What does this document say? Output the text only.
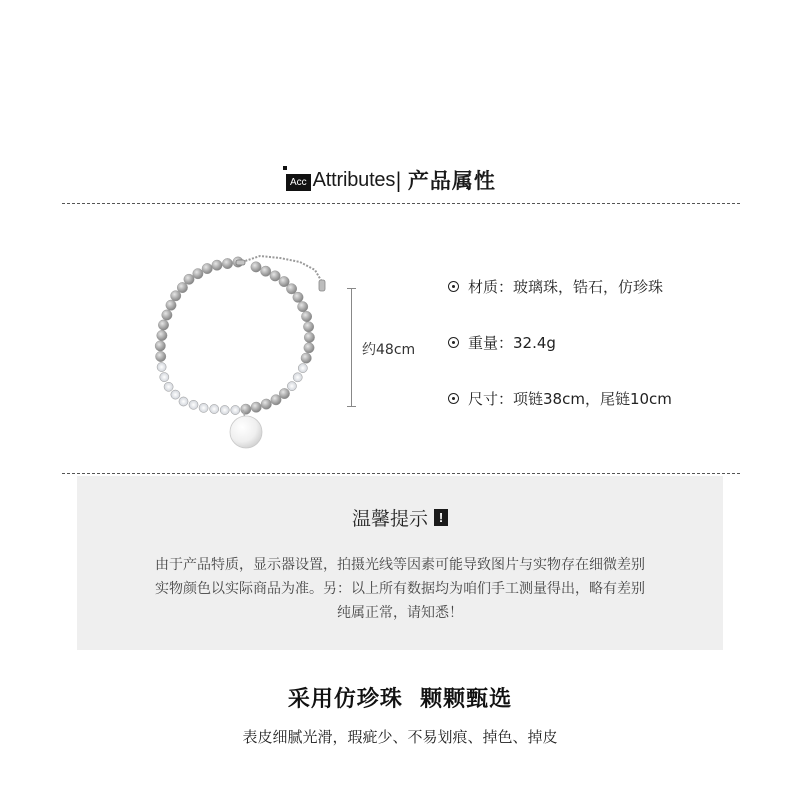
Acc Attributes | 产品属性
约48cm
材质：玻璃珠，锆石，仿珍珠
重量：32.4g
尺寸：项链38cm，尾链10cm
温馨提示 !
由于产品特质，显示器设置，拍摄光线等因素可能导致图片与实物存在细微差别
实物颜色以实际商品为准。另：以上所有数据均为咱们手工测量得出，略有差别
纯属正常，请知悉！
采用仿珍珠  颗颗甄选
表皮细腻光滑，瑕疵少、不易划痕、掉色、掉皮
